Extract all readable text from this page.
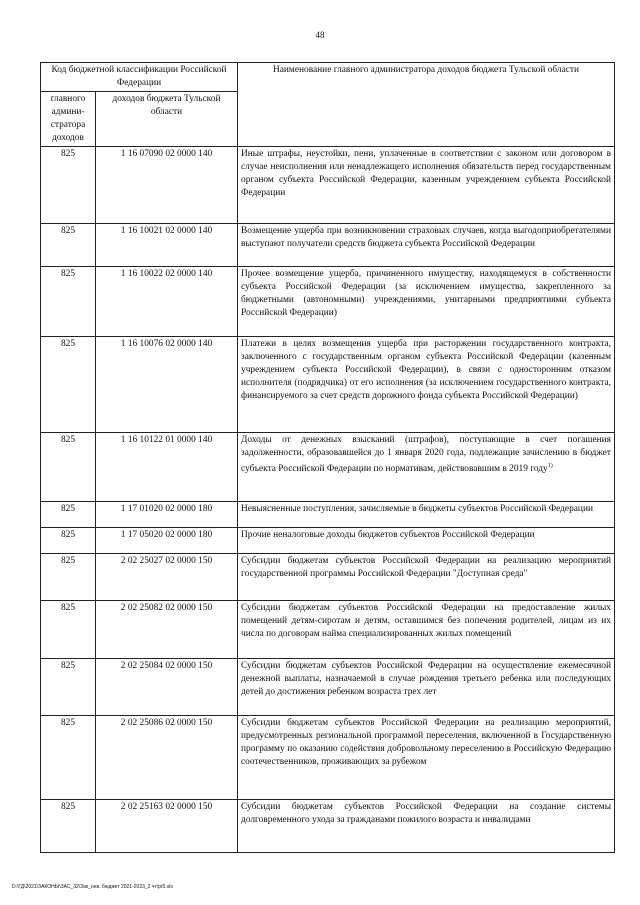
48
Код бюджетной классификации Российской Федерации		Наименование главного администратора доходов бюджета Тульской области
главного админи-стратора доходов	доходов бюджета Тульской области	
825	1 16 07090 02 0000 140	Иные штрафы, неустойки, пени, уплаченные в соответствии с законом или договором в случае неисполнения или ненадлежащего исполнения обязательств перед государственным органом субъекта Российской Федерации, казенным учреждением субъекта Российской Федерации
825	1 16 10021 02 0000 140	Возмещение ущерба при возникновении страховых случаев, когда выгодоприобретателями выступают получатели средств бюджета субъекта Российской Федерации
825	1 16 10022 02 0000 140	Прочее возмещение ущерба, причиненного имуществу, находящемуся в собственности субъекта Российской Федерации (за исключением имущества, закрепленного за бюджетными (автономными) учреждениями, унитарными предприятиями субъекта Российской Федерации)
825	1 16 10076 02 0000 140	Платежи в целях возмещения ущерба при расторжении государственного контракта, заключенного с государственным органом субъекта Российской Федерации (казенным учреждением субъекта Российской Федерации), в связи с односторонним отказом исполнителя (подрядчика) от его исполнения (за исключением государственного контракта, финансируемого за счет средств дорожного фонда субъекта Российской Федерации)
825	1 16 10122 01 0000 140	Доходы от денежных взысканий (штрафов), поступающие в счет погашения задолженности, образовавшейся до 1 января 2020 года, подлежащие зачислению в бюджет субъекта Российской Федерации по нормативам, действовавшим в 2019 году$^{1)}$
825	1 17 01020 02 0000 180	Невыясненные поступления, зачисляемые в бюджеты субъектов Российской Федерации
825	1 17 05020 02 0000 180	Прочие неналоговые доходы бюджетов субъектов Российской Федерации
825	2 02 25027 02 0000 150	Субсидии бюджетам субъектов Российской Федерации на реализацию мероприятий государственной программы Российской Федерации "Доступная среда"
825	2 02 25082 02 0000 150	Субсидии бюджетам субъектов Российской Федерации на предоставление жилых помещений детям-сиротам и детям, оставшимся без попечения родителей, лицам из их числа по договорам найма специализированных жилых помещений
825	2 02 25084 02 0000 150	Субсидии бюджетам субъектов Российской Федерации на осуществление ежемесячной денежной выплаты, назначаемой в случае рождения третьего ребенка или последующих детей до достижения ребенком возраста трех лет
825	2 02 25086 02 0000 150	Субсидии бюджетам субъектов Российской Федерации на реализацию мероприятий, предусмотренных региональной программой переселения, включенной в Государственную программу по оказанию содействия добровольному переселению в Российскую Федерацию соотечественников, проживающих за рубежом
825	2 02 25163 02 0000 150	Субсидии бюджетам субъектов Российской Федерации на создание системы долговременного ухода за гражданами пожилого возраста и инвалидами
D:\ГД\2021\ЗАКОНЫ\ЗАС_32\Зак_нев. бюджет 2021-2023_2 чт\pr5.xls
